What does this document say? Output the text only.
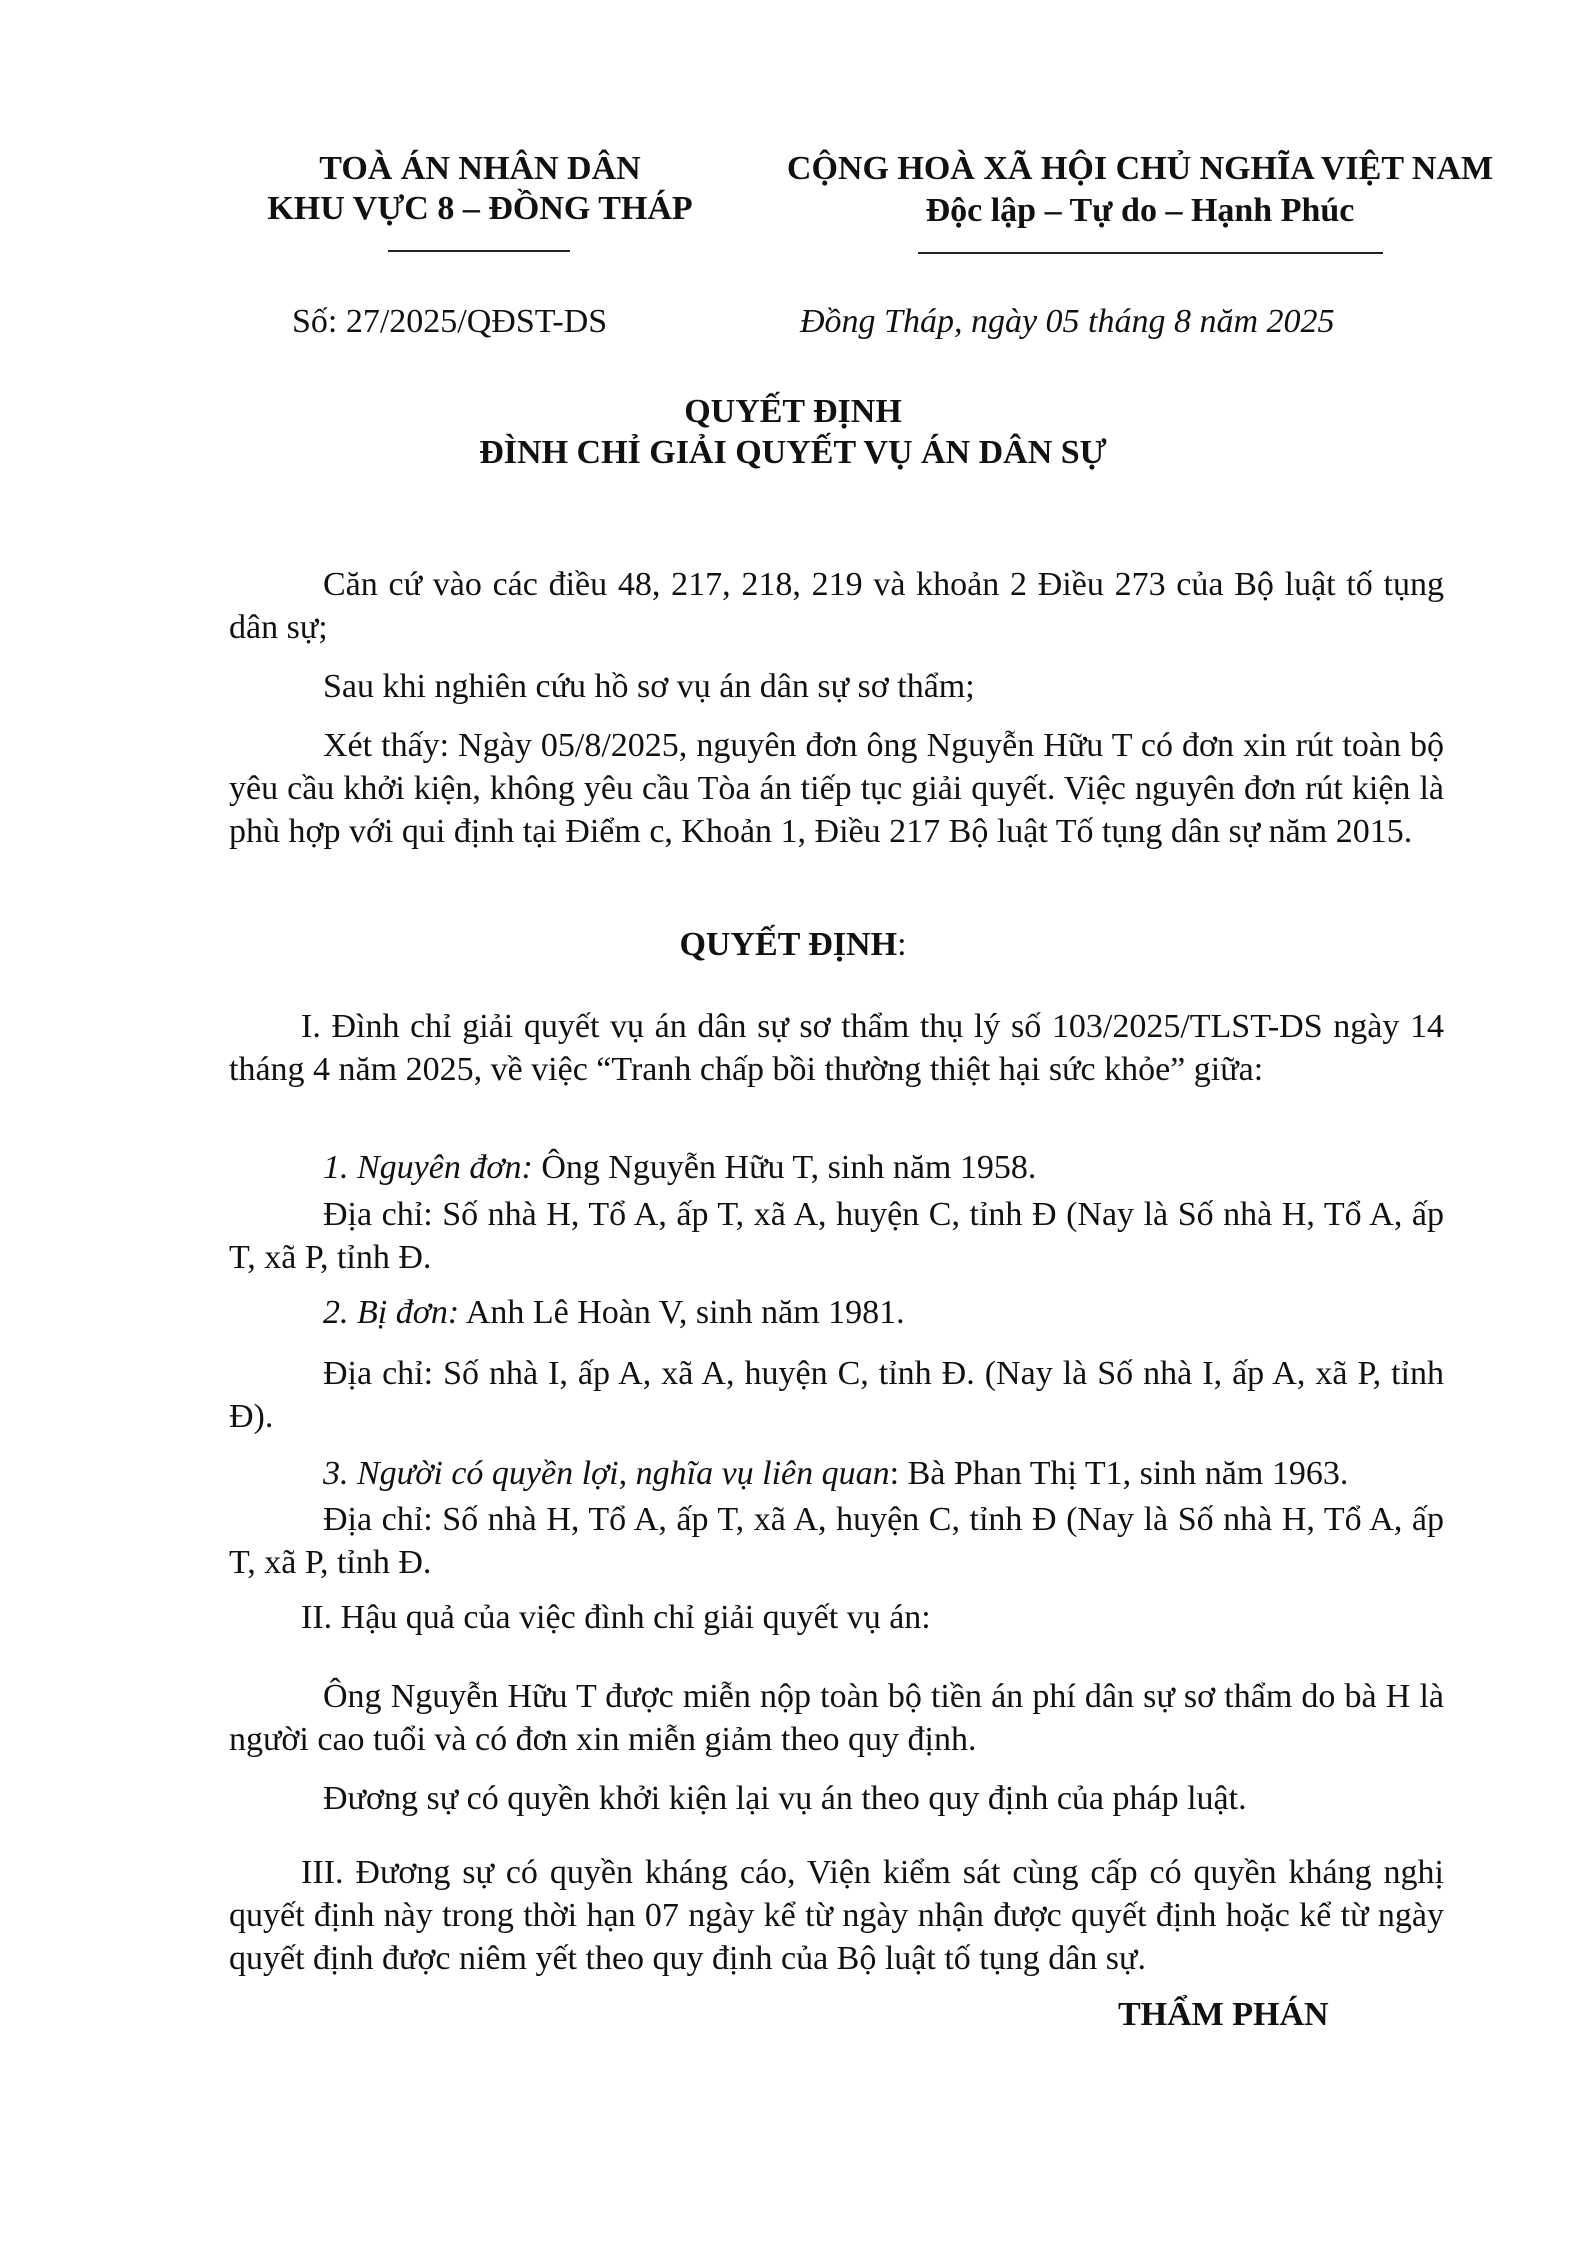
TOÀ ÁN NHÂN DÂN
KHU VỰC 8 – ĐỒNG THÁP
CỘNG HOÀ XÃ HỘI CHỦ NGHĨA VIỆT NAM
Độc lập – Tự do – Hạnh Phúc
Số: 27/2025/QĐST-DS	Đồng Tháp, ngày 05 tháng 8 năm 2025
QUYẾT ĐỊNH
ĐÌNH CHỈ GIẢI QUYẾT VỤ ÁN DÂN SỰ
Căn cứ vào các điều 48, 217, 218, 219 và khoản 2 Điều 273 của Bộ luật tố tụng dân sự;
Sau khi nghiên cứu hồ sơ vụ án dân sự sơ thẩm;
Xét thấy: Ngày 05/8/2025, nguyên đơn ông Nguyễn Hữu T có đơn xin rút toàn bộ yêu cầu khởi kiện, không yêu cầu Tòa án tiếp tục giải quyết. Việc nguyên đơn rút kiện là phù hợp với qui định tại Điểm c, Khoản 1, Điều 217 Bộ luật Tố tụng dân sự năm 2015.
QUYẾT ĐỊNH:
I. Đình chỉ giải quyết vụ án dân sự sơ thẩm thụ lý số 103/2025/TLST-DS ngày 14 tháng 4 năm 2025, về việc “Tranh chấp bồi thường thiệt hại sức khỏe” giữa:
1. Nguyên đơn: Ông Nguyễn Hữu T, sinh năm 1958.
Địa chỉ: Số nhà H, Tổ A, ấp T, xã A, huyện C, tỉnh Đ (Nay là Số nhà H, Tổ A, ấp T, xã P, tỉnh Đ.
2. Bị đơn: Anh Lê Hoàn V, sinh năm 1981.
Địa chỉ: Số nhà I, ấp A, xã A, huyện C, tỉnh Đ. (Nay là Số nhà I, ấp A, xã P, tỉnh Đ).
3. Người có quyền lợi, nghĩa vụ liên quan: Bà Phan Thị T1, sinh năm 1963.
Địa chỉ: Số nhà H, Tổ A, ấp T, xã A, huyện C, tỉnh Đ (Nay là Số nhà H, Tổ A, ấp T, xã P, tỉnh Đ.
II. Hậu quả của việc đình chỉ giải quyết vụ án:
Ông Nguyễn Hữu T được miễn nộp toàn bộ tiền án phí dân sự sơ thẩm do bà H là người cao tuổi và có đơn xin miễn giảm theo quy định.
Đương sự có quyền khởi kiện lại vụ án theo quy định của pháp luật.
III. Đương sự có quyền kháng cáo, Viện kiểm sát cùng cấp có quyền kháng nghị quyết định này trong thời hạn 07 ngày kể từ ngày nhận được quyết định hoặc kể từ ngày quyết định được niêm yết theo quy định của Bộ luật tố tụng dân sự.
THẨM PHÁN
